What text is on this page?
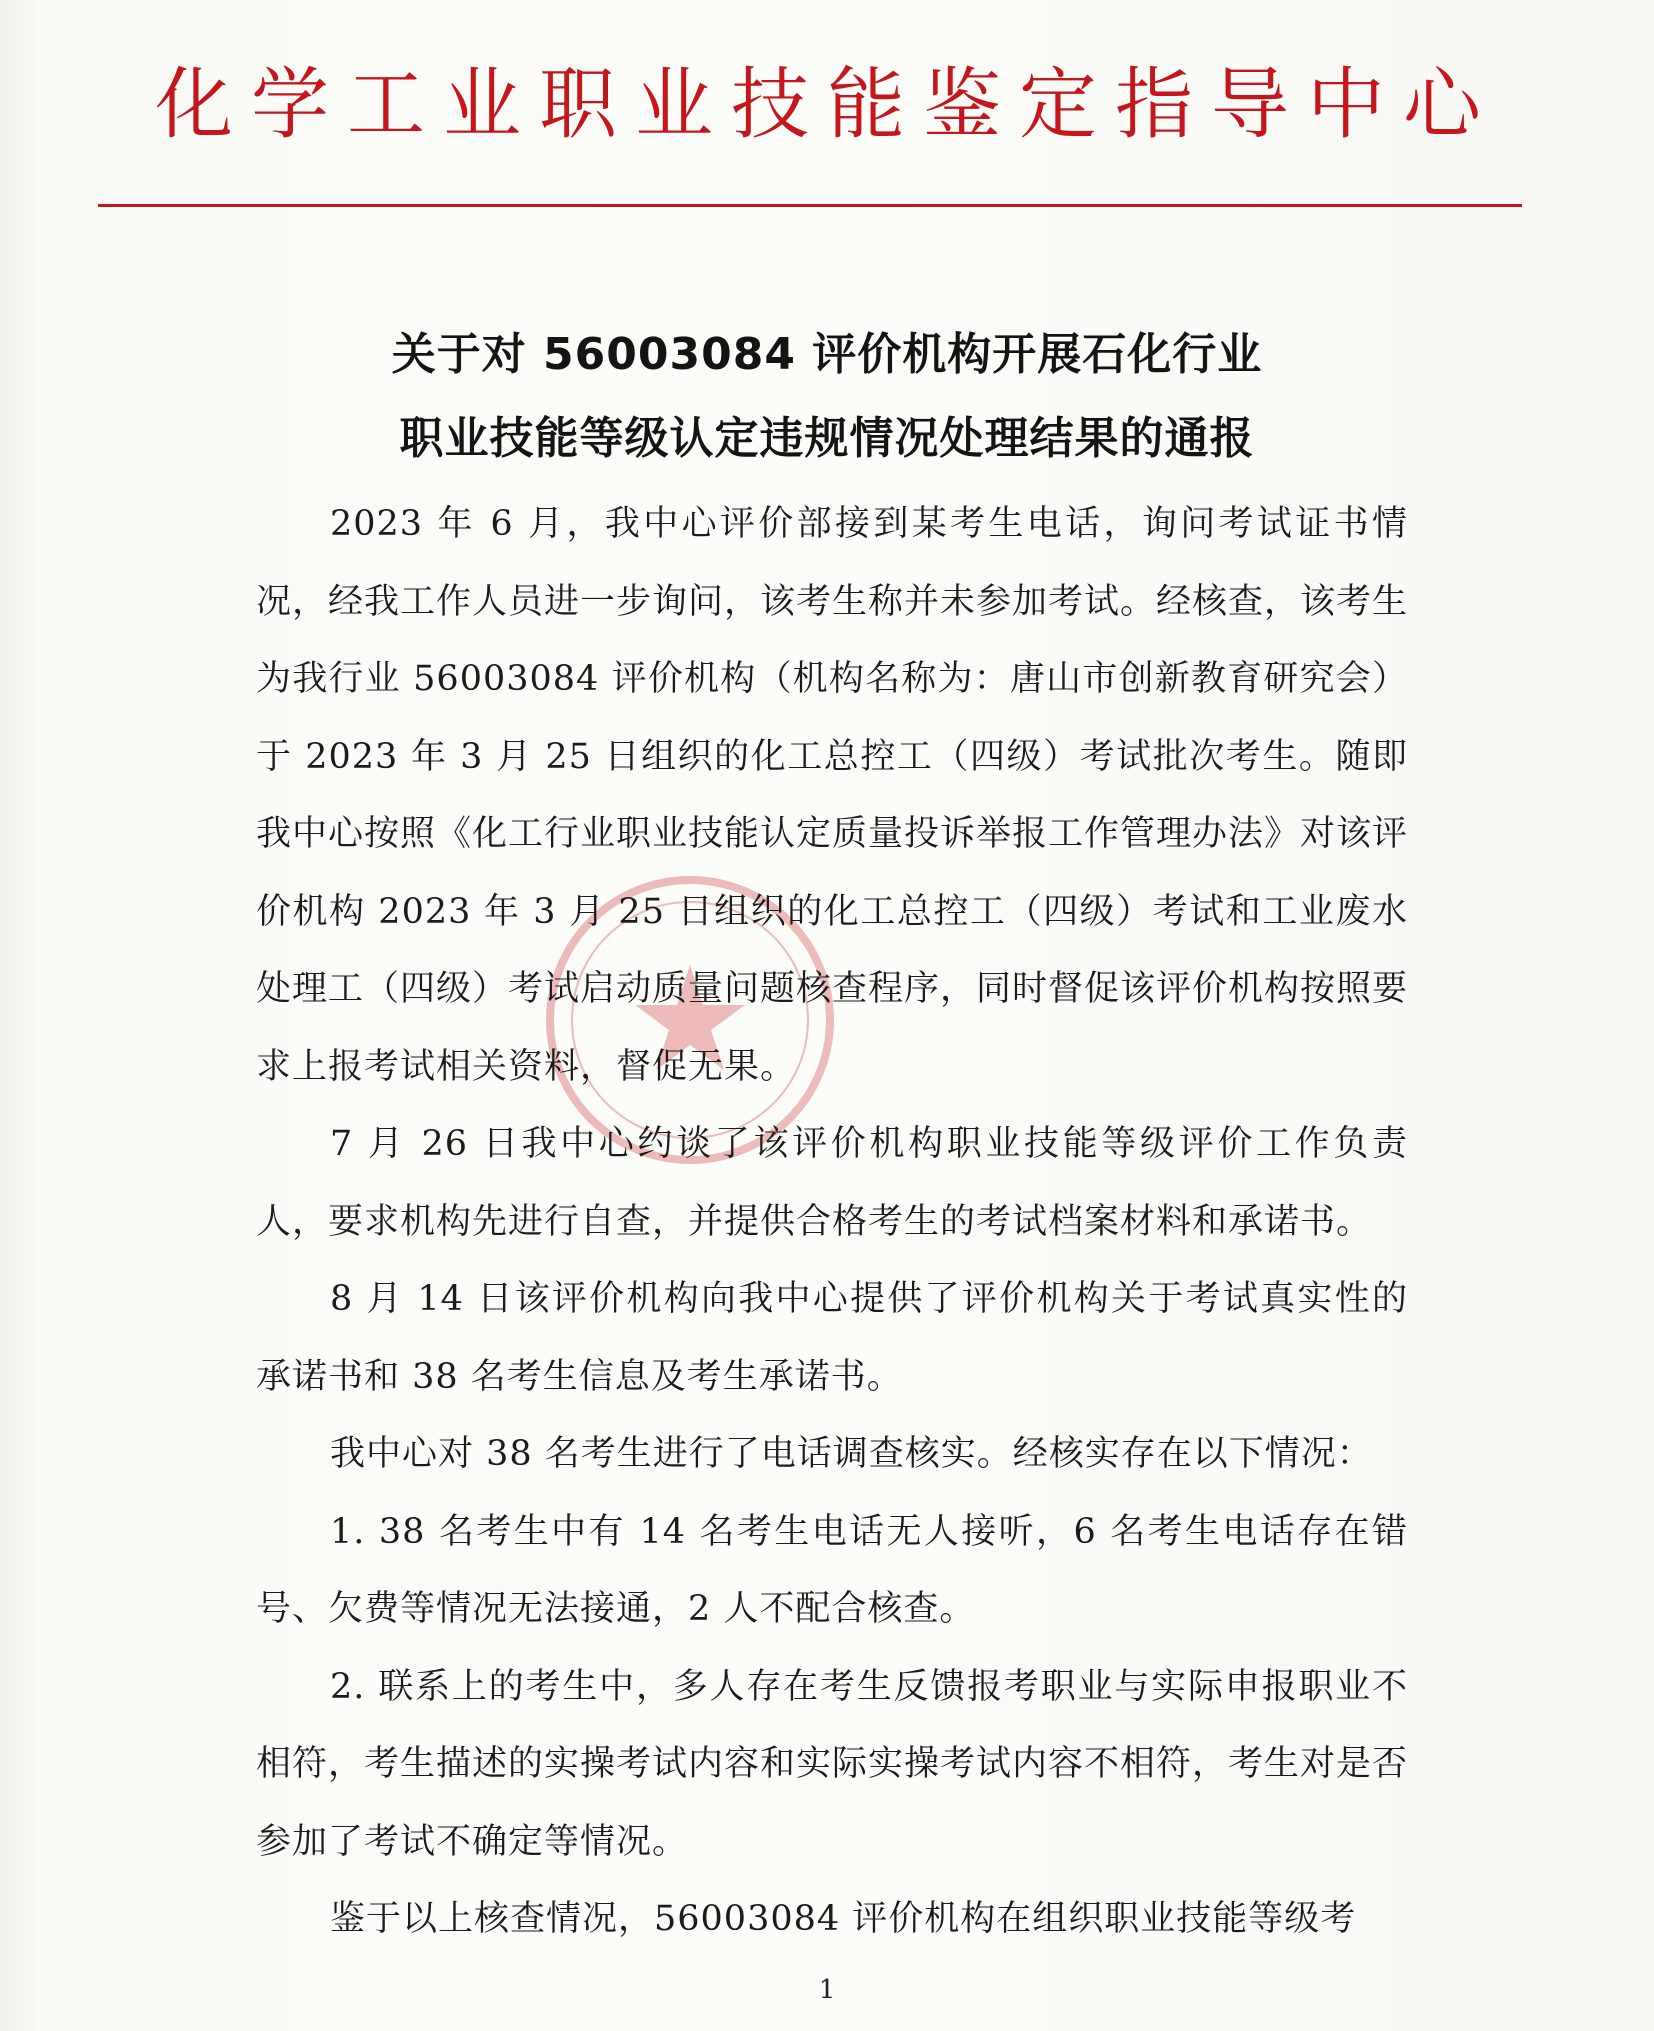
化学工业职业技能鉴定指导中心
关于对 56003084 评价机构开展石化行业
职业技能等级认定违规情况处理结果的通报

2023 年 6 月，我中心评价部接到某考生电话，询问考试证书情况，经我工作人员进一步询问，该考生称并未参加考试。经核查，该考生为我行业 56003084 评价机构（机构名称为：唐山市创新教育研究会）于 2023 年 3 月 25 日组织的化工总控工（四级）考试批次考生。随即我中心按照《化工行业职业技能认定质量投诉举报工作管理办法》对该评价机构 2023 年 3 月 25 日组织的化工总控工（四级）考试和工业废水处理工（四级）考试启动质量问题核查程序，同时督促该评价机构按照要求上报考试相关资料，督促无果。

7 月 26 日我中心约谈了该评价机构职业技能等级评价工作负责人，要求机构先进行自查，并提供合格考生的考试档案材料和承诺书。

8 月 14 日该评价机构向我中心提供了评价机构关于考试真实性的承诺书和 38 名考生信息及考生承诺书。

我中心对 38 名考生进行了电话调查核实。经核实存在以下情况：

1. 38 名考生中有 14 名考生电话无人接听，6 名考生电话存在错号、欠费等情况无法接通，2 人不配合核查。

2. 联系上的考生中，多人存在考生反馈报考职业与实际申报职业不相符，考生描述的实操考试内容和实际实操考试内容不相符，考生对是否参加了考试不确定等情况。

鉴于以上核查情况，56003084 评价机构在组织职业技能等级考

1
